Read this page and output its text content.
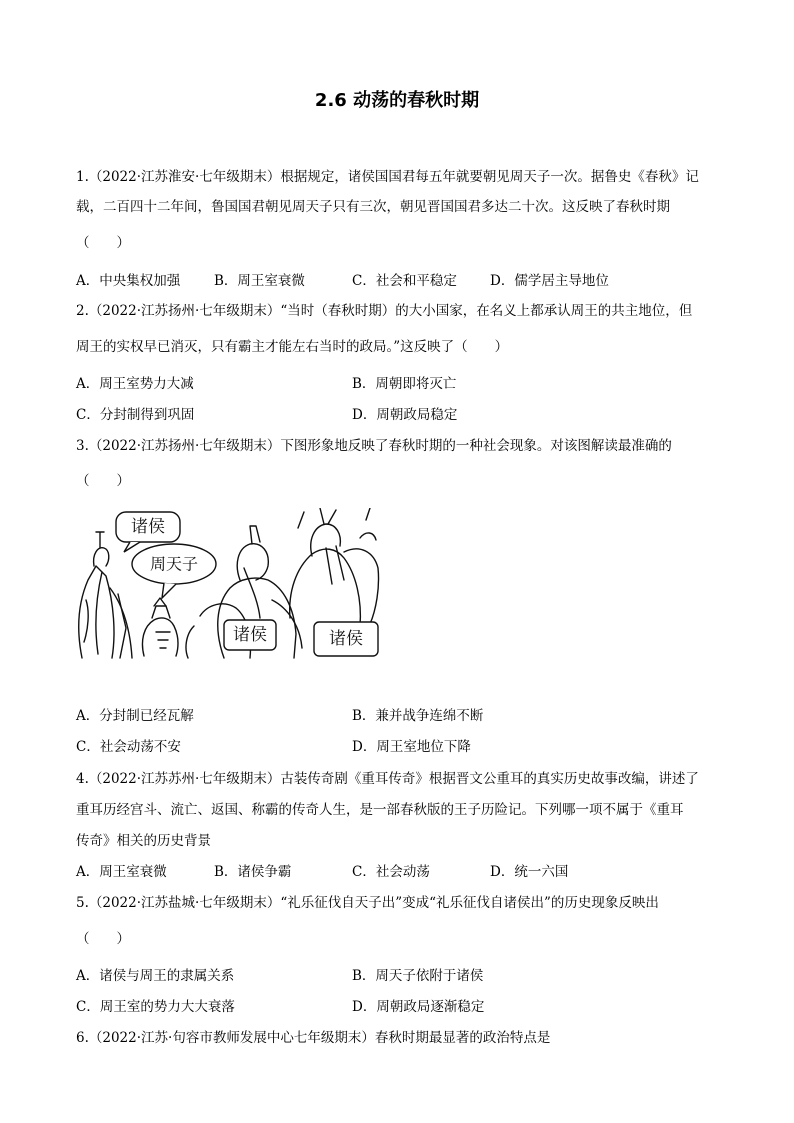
2.6 动荡的春秋时期
1.（2022·江苏淮安·七年级期末）根据规定，诸侯国国君每五年就要朝见周天子一次。据鲁史《春秋》记
载，二百四十二年间，鲁国国君朝见周天子只有三次，朝见晋国国君多达二十次。这反映了春秋时期
（　　）
A．中央集权加强	B．周王室衰微	C．社会和平稳定 D．儒学居主导地位
2.（2022·江苏扬州·七年级期末）“当时（春秋时期）的大小国家，在名义上都承认周王的共主地位，但
周王的实权早已消灭，只有霸主才能左右当时的政局。”这反映了（　　）
A．周王室势力大减	B．周朝即将灭亡
C．分封制得到巩固	D．周朝政局稳定
3.（2022·江苏扬州·七年级期末）下图形象地反映了春秋时期的一种社会现象。对该图解读最准确的
（　　）
诸侯
周天子
诸侯	诸侯
A．分封制已经瓦解	B．兼并战争连绵不断
C．社会动荡不安	D．周王室地位下降
4.（2022·江苏苏州·七年级期末）古装传奇剧《重耳传奇》根据晋文公重耳的真实历史故事改编，讲述了
重耳历经宫斗、流亡、返国、称霸的传奇人生，是一部春秋版的王子历险记。下列哪一项不属于《重耳
传奇》相关的历史背景
A．周王室衰微	B．诸侯争霸	C．社会动荡	D．统一六国
5.（2022·江苏盐城·七年级期末）“礼乐征伐自天子出”变成“礼乐征伐自诸侯出”的历史现象反映出
（　　）
A．诸侯与周王的隶属关系	B．周天子依附于诸侯
C．周王室的势力大大衰落	D．周朝政局逐渐稳定
6.（2022·江苏·句容市教师发展中心七年级期末）春秋时期最显著的政治特点是
